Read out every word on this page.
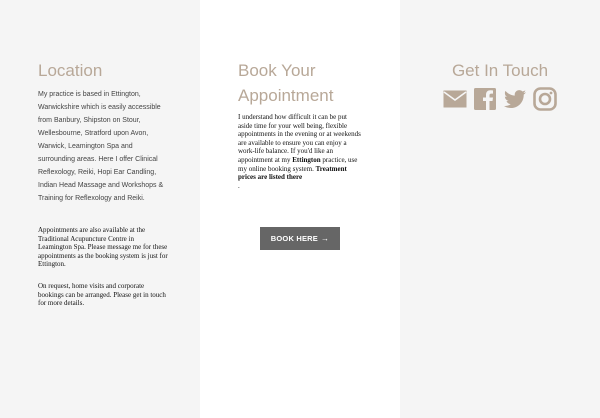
Location

My practice is based in Ettington, Warwickshire which is easily accessible from Banbury, Shipston on Stour, Wellesbourne, Stratford upon Avon, Warwick, Leamington Spa and surrounding areas. Here I offer Clinical Reflexology, Reiki, Hopi Ear Candling, Indian Head Massage and Workshops & Training for Reflexology and Reiki.

Appointments are also available at the Traditional Acupuncture Centre in Leamington Spa. Please message me for these appointments as the booking system is just for Ettington.

On request, home visits and corporate bookings can be arranged. Please get in touch for more details.

Book Your Appointment

I understand how difficult it can be put aside time for your well being, flexible appointments in the evening or at weekends are available to ensure you can enjoy a work-life balance. If you'd like an appointment at my Ettington practice, use my online booking system. Treatment prices are listed there
.

BOOK HERE →
Get In Touch
